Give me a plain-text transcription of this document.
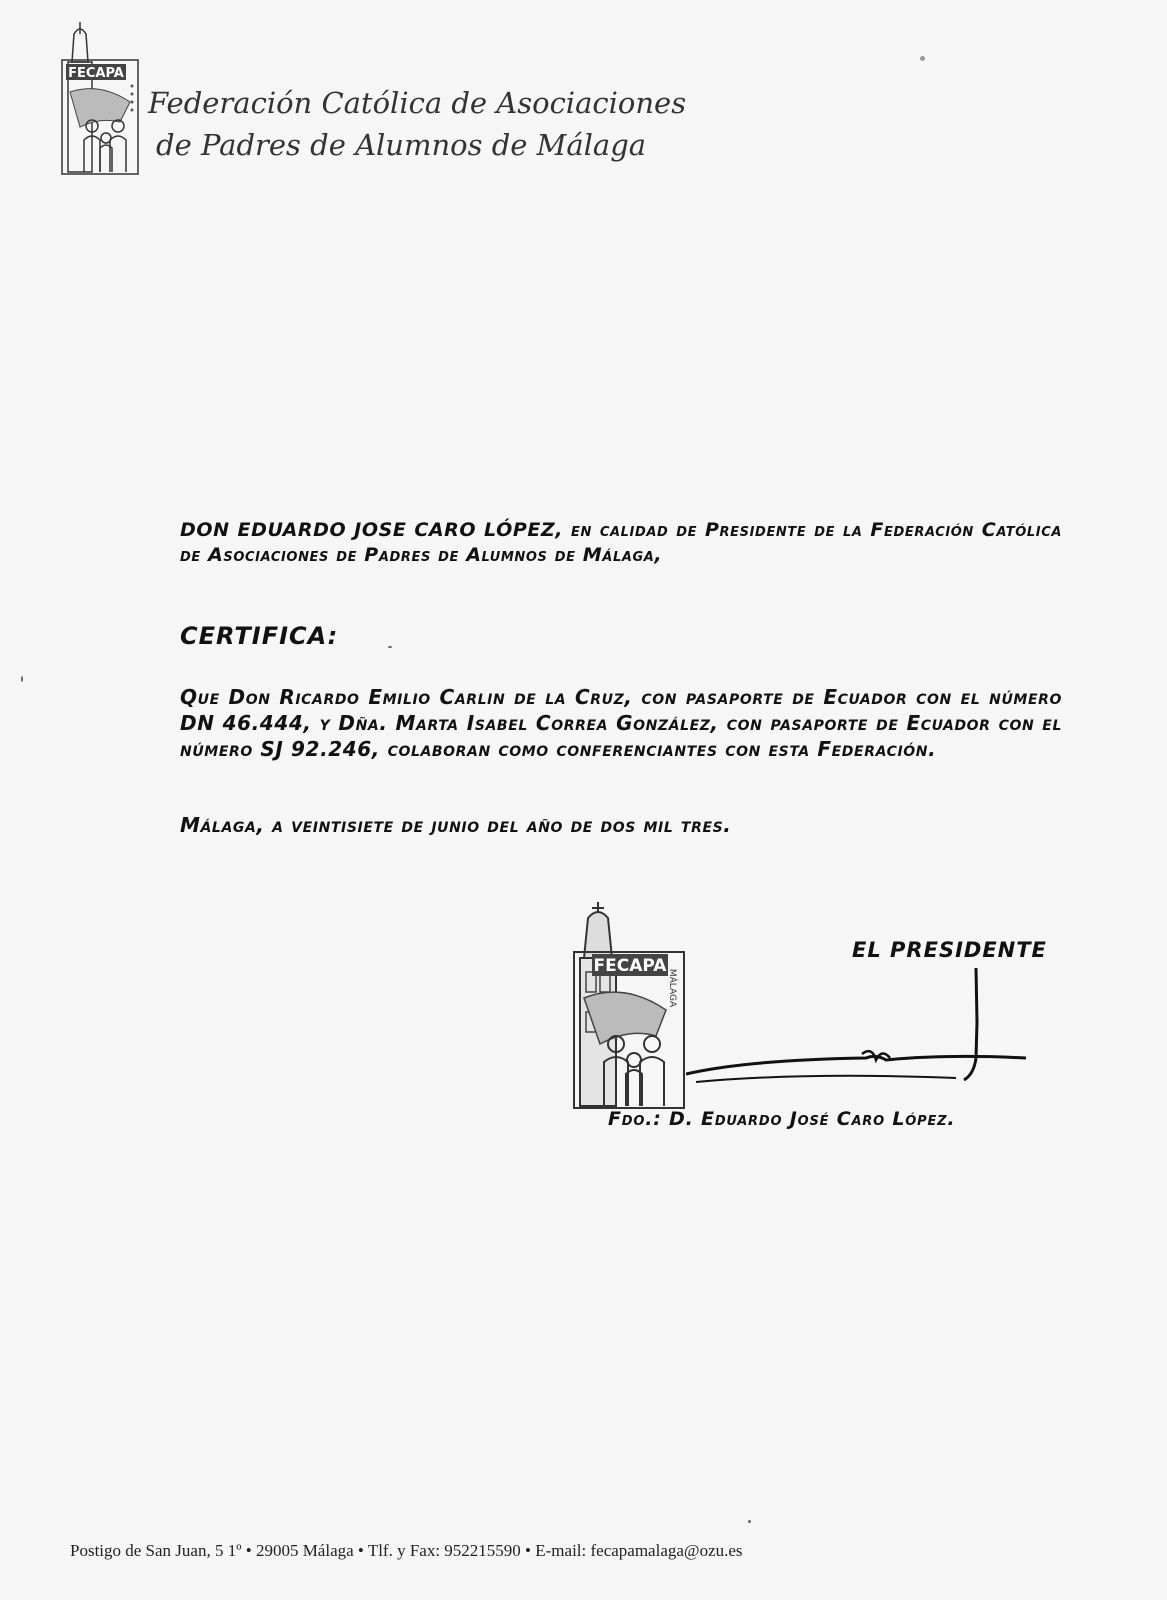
FECAPA
Federación Católica de Asociaciones
de Padres de Alumnos de Málaga
DON EDUARDO JOSE CARO LÓPEZ, en calidad de Presidente de la Federación Católica de Asociaciones de Padres de Alumnos de Málaga,
CERTIFICA:
Que Don Ricardo Emilio Carlin de la Cruz, con pasaporte de Ecuador con el número DN 46.444, y Dña. Marta Isabel Correa González, con pasaporte de Ecuador con el número SJ 92.246, colaboran como conferenciantes con esta Federación.
Málaga, a veintisiete de junio del año de dos mil tres.
EL PRESIDENTE
FECAPA
MÁLAGA
Fdo.: D. Eduardo José Caro López.
Postigo de San Juan, 5 1º • 29005 Málaga • Tlf. y Fax: 952215590 • E-mail: fecapamalaga@ozu.es
